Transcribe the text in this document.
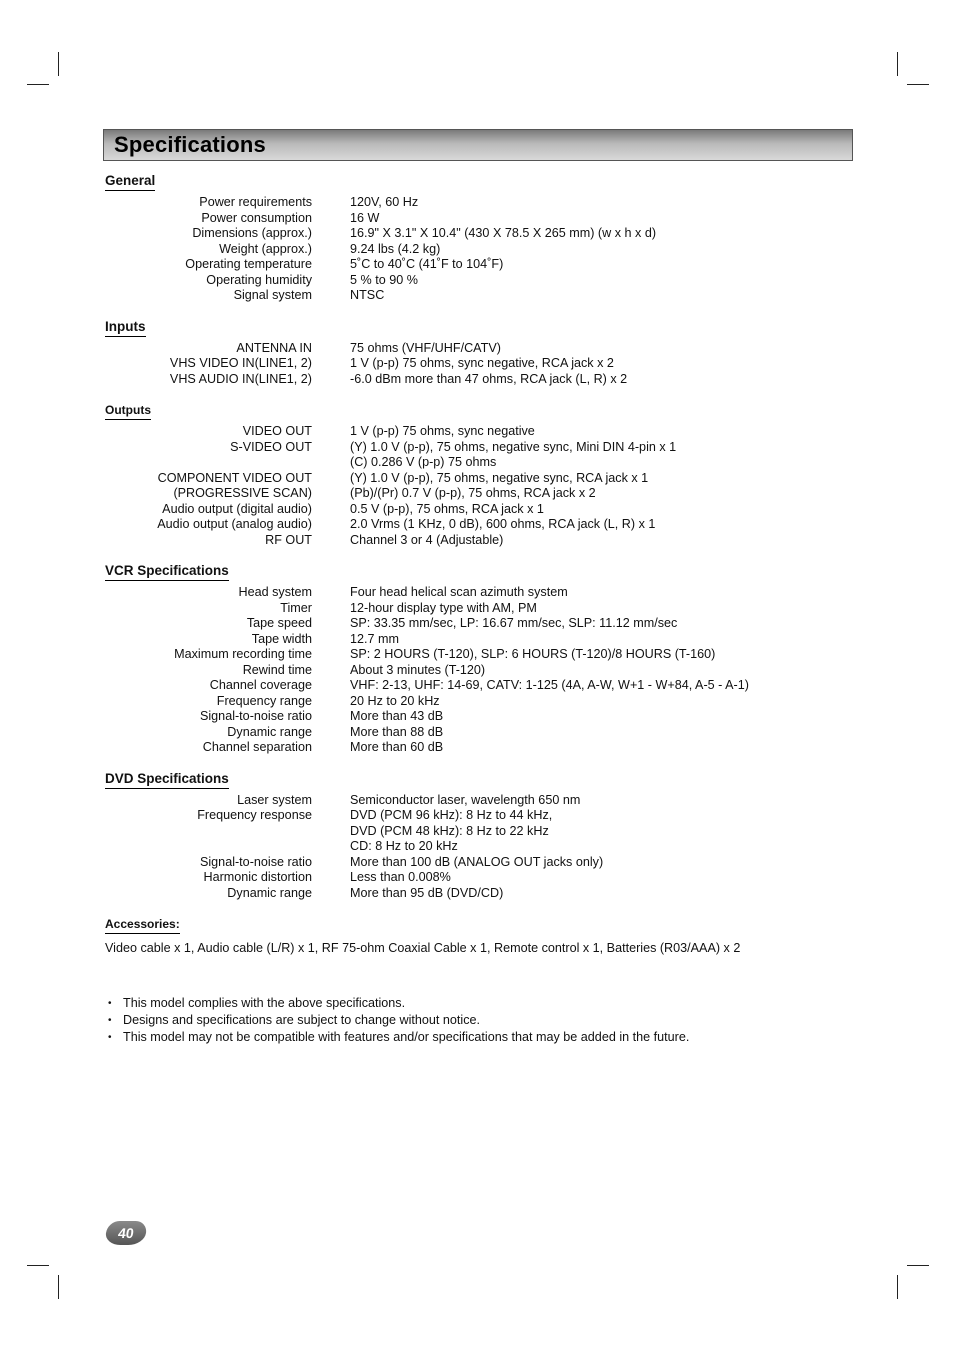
Specifications
General
Power requirements	120V, 60 Hz
Power consumption	16 W
Dimensions (approx.)	16.9" X 3.1" X 10.4" (430 X 78.5 X 265 mm) (w x h x d)
Weight (approx.)	9.24 lbs (4.2 kg)
Operating temperature	5˚C to 40˚C (41˚F to 104˚F)
Operating humidity	5 % to 90 %
Signal system	NTSC
Inputs
ANTENNA IN	75 ohms (VHF/UHF/CATV)
VHS VIDEO IN(LINE1, 2)	1 V (p-p) 75 ohms, sync negative, RCA jack x 2
VHS AUDIO IN(LINE1, 2)	-6.0 dBm more than 47 ohms, RCA jack (L, R) x 2
Outputs
VIDEO OUT	1 V (p-p) 75 ohms, sync negative
S-VIDEO OUT	(Y) 1.0 V (p-p), 75 ohms, negative sync, Mini DIN 4-pin x 1
(C) 0.286 V (p-p) 75 ohms
COMPONENT VIDEO OUT	(Y) 1.0 V (p-p), 75 ohms, negative sync, RCA jack x 1
(PROGRESSIVE SCAN)	(Pb)/(Pr) 0.7 V (p-p), 75 ohms, RCA jack x 2
Audio output (digital audio)	0.5 V (p-p), 75 ohms, RCA jack x 1
Audio output (analog audio)	2.0 Vrms (1 KHz, 0 dB), 600 ohms, RCA jack (L, R) x 1
RF OUT	Channel 3 or 4 (Adjustable)
VCR Specifications
Head system	Four head helical scan azimuth system
Timer	12-hour display type with AM, PM
Tape speed	SP: 33.35 mm/sec, LP: 16.67 mm/sec, SLP: 11.12 mm/sec
Tape width	12.7 mm
Maximum recording time	SP: 2 HOURS (T-120), SLP: 6 HOURS (T-120)/8 HOURS (T-160)
Rewind time	About 3 minutes (T-120)
Channel coverage	VHF: 2-13, UHF: 14-69, CATV: 1-125 (4A, A-W, W+1 - W+84, A-5 - A-1)
Frequency range	20 Hz to 20 kHz
Signal-to-noise ratio	More than 43 dB
Dynamic range	More than 88 dB
Channel separation	More than 60 dB
DVD Specifications
Laser system	Semiconductor laser, wavelength 650 nm
Frequency response	DVD (PCM 96 kHz): 8 Hz to 44 kHz,
DVD (PCM 48 kHz): 8 Hz to 22 kHz
CD: 8 Hz to 20 kHz
Signal-to-noise ratio	More than 100 dB (ANALOG OUT jacks only)
Harmonic distortion	Less than 0.008%
Dynamic range	More than 95 dB (DVD/CD)
Accessories:
Video cable x 1, Audio cable (L/R) x 1, RF 75-ohm Coaxial Cable x 1, Remote control x 1, Batteries (R03/AAA) x 2
• This model complies with the above specifications.
• Designs and specifications are subject to change without notice.
• This model may not be compatible with features and/or specifications that may be added in the future.
40
